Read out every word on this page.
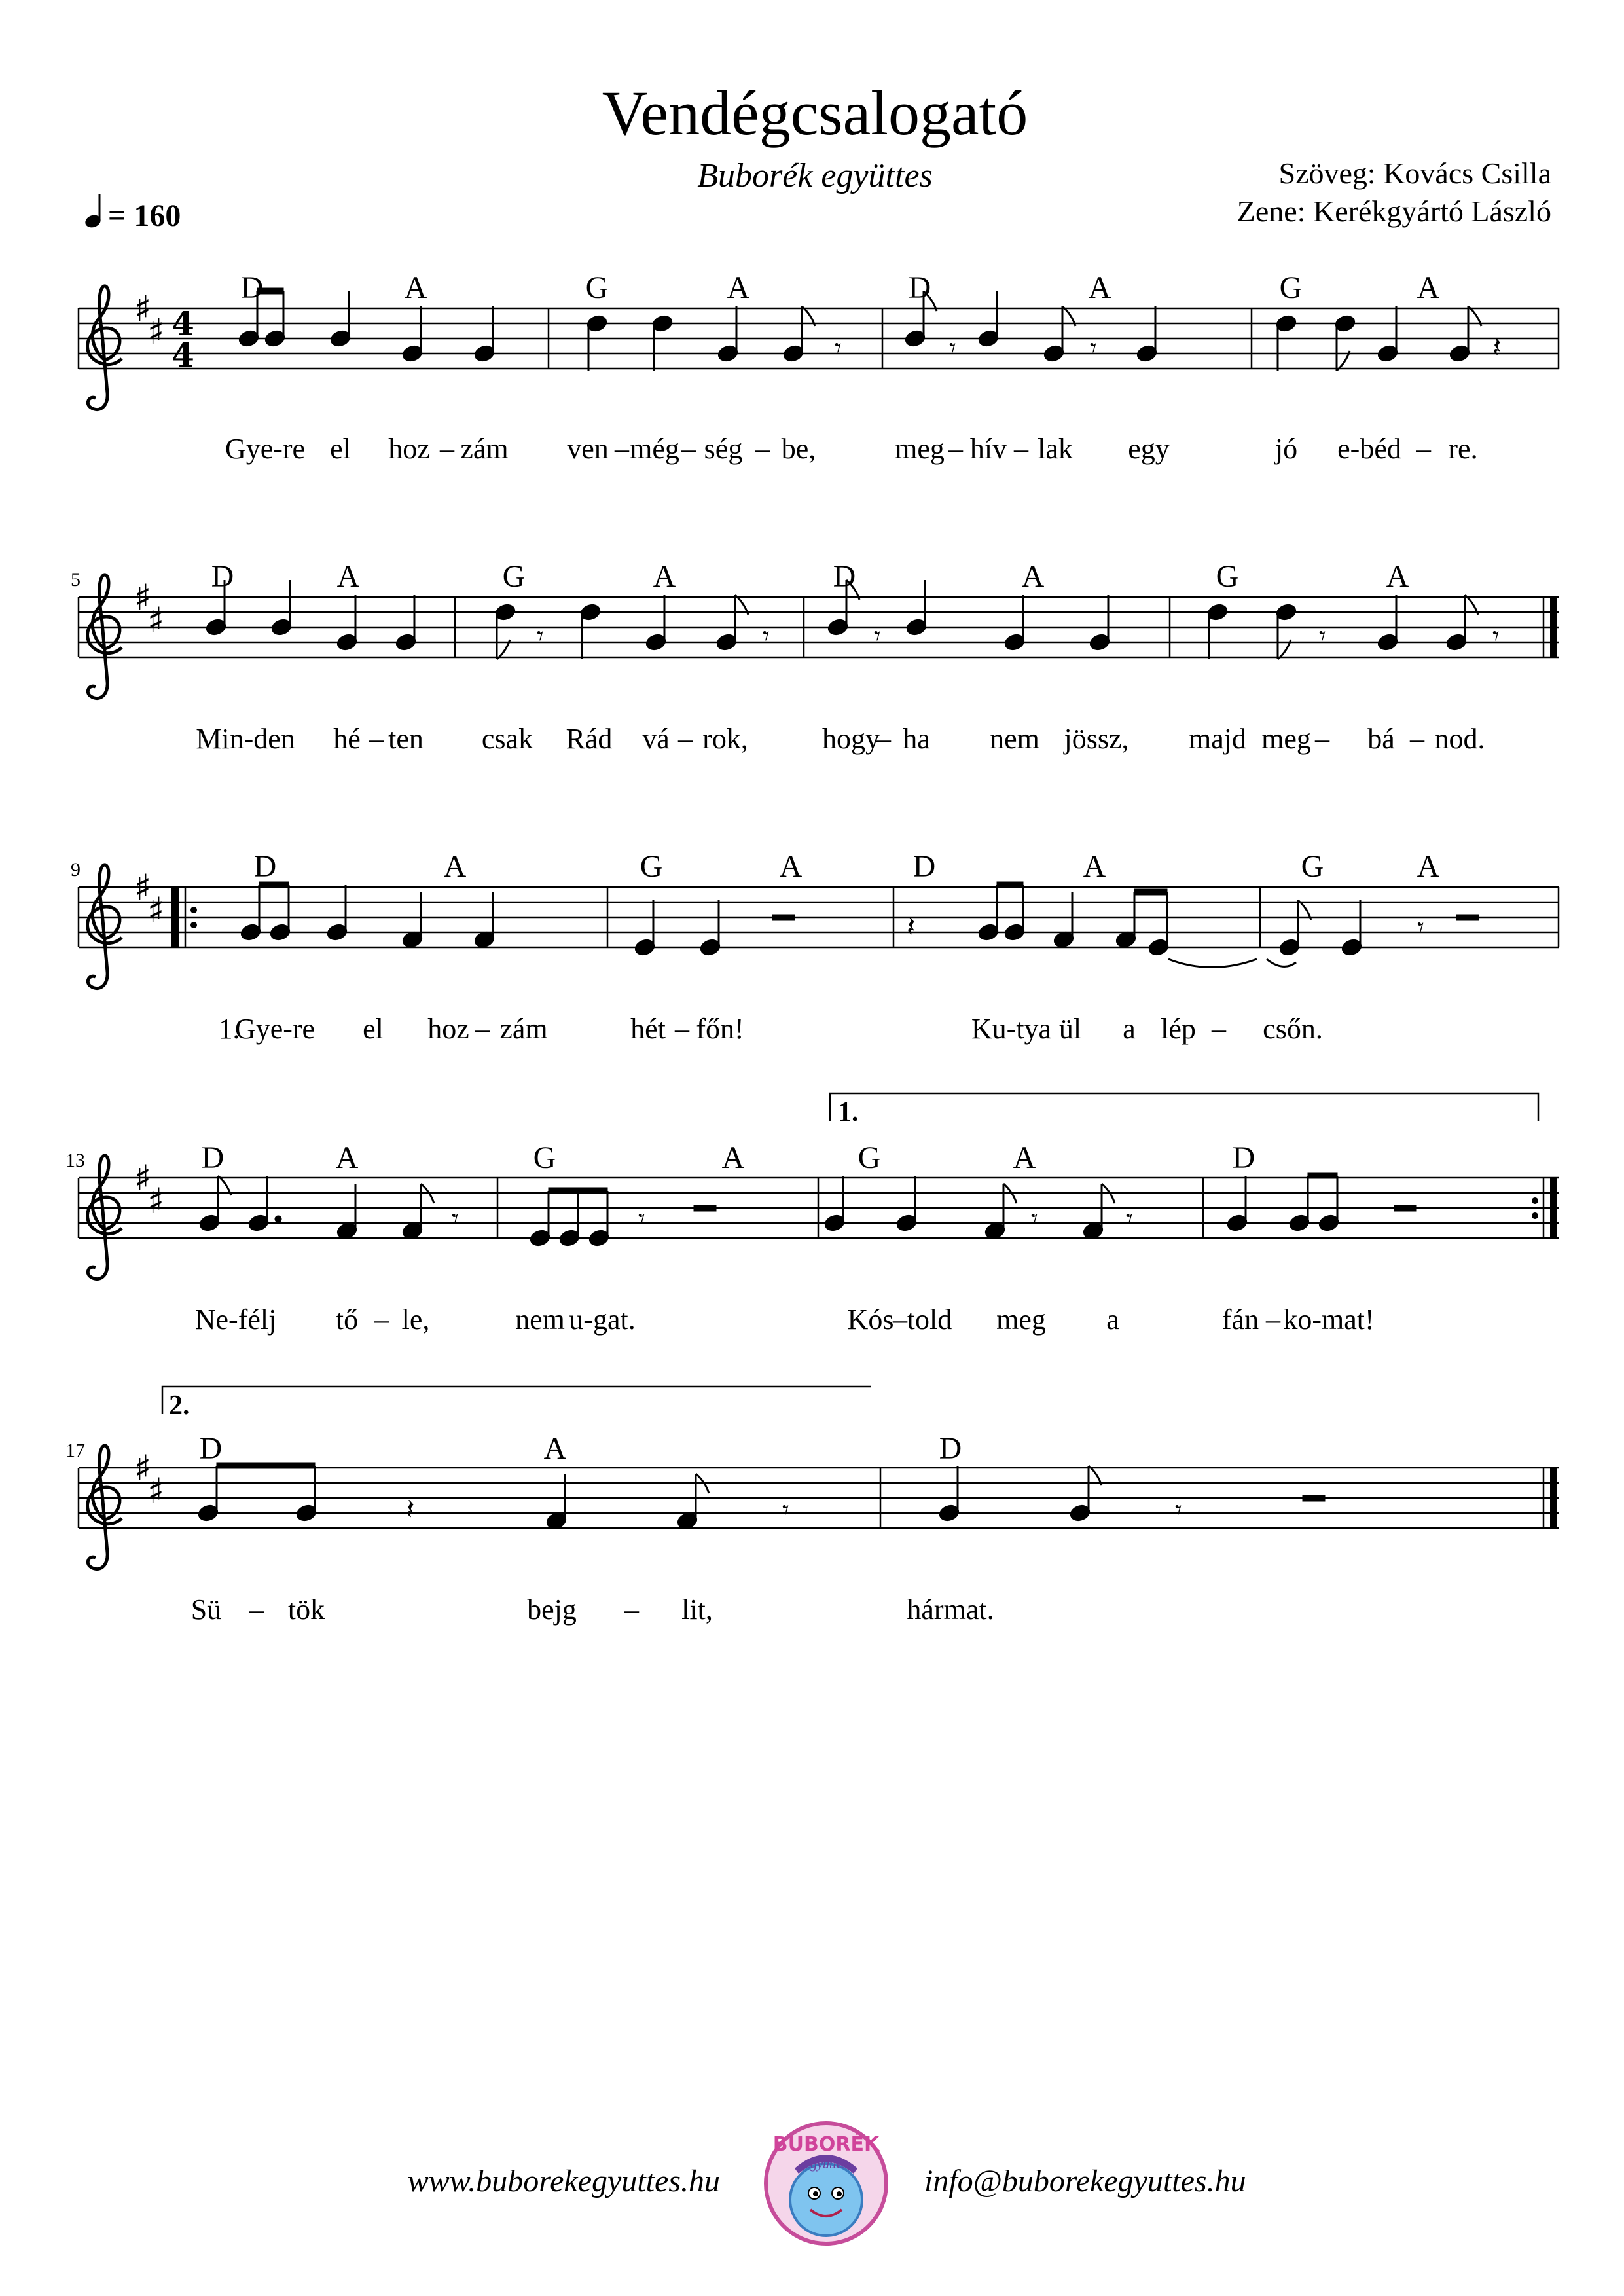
Vendégcsalogató
Buborék együttes	Szöveg: Kovács Csilla
Zene: Kerékgyártó László
= 160
♯
♯ 4
4	𝄾	𝄾	𝄾	𝄽
D	A	G	A	D	A	G	A
Gye-re el hoz – zám ven – még – ség – be,	meg – hív – lak egy	jó e-béd – re.
5 ♯
♯	𝄾	𝄾	𝄾	𝄾	𝄾
D	A	G	A	D	A	G	A
Min-den hé – ten csak Rád vá – rok,	hogy
– ha nem jössz, majd meg – bá – nod.
9 ♯
♯	𝄽	𝄾
D	A	G	A	D	A	G	A
1.
Gye-re el hoz – zám	hét – főn!	Ku-tya ül a lép – csőn.
1.
13 ♯
♯	𝄾	𝄾	𝄾	𝄾
D	A	G	A	G	A	D
Ne-félj tő – le,	nem u-gat.	Kós
– told meg a	fán – ko-mat!
2.
17 ♯
♯	𝄽	𝄾	𝄾
D	A	D
Sü – tök	bejg – lit,	hármat.
www.buborekegyuttes.hu	info@buborekegyuttes.hu
BUBORÉK
együttes
